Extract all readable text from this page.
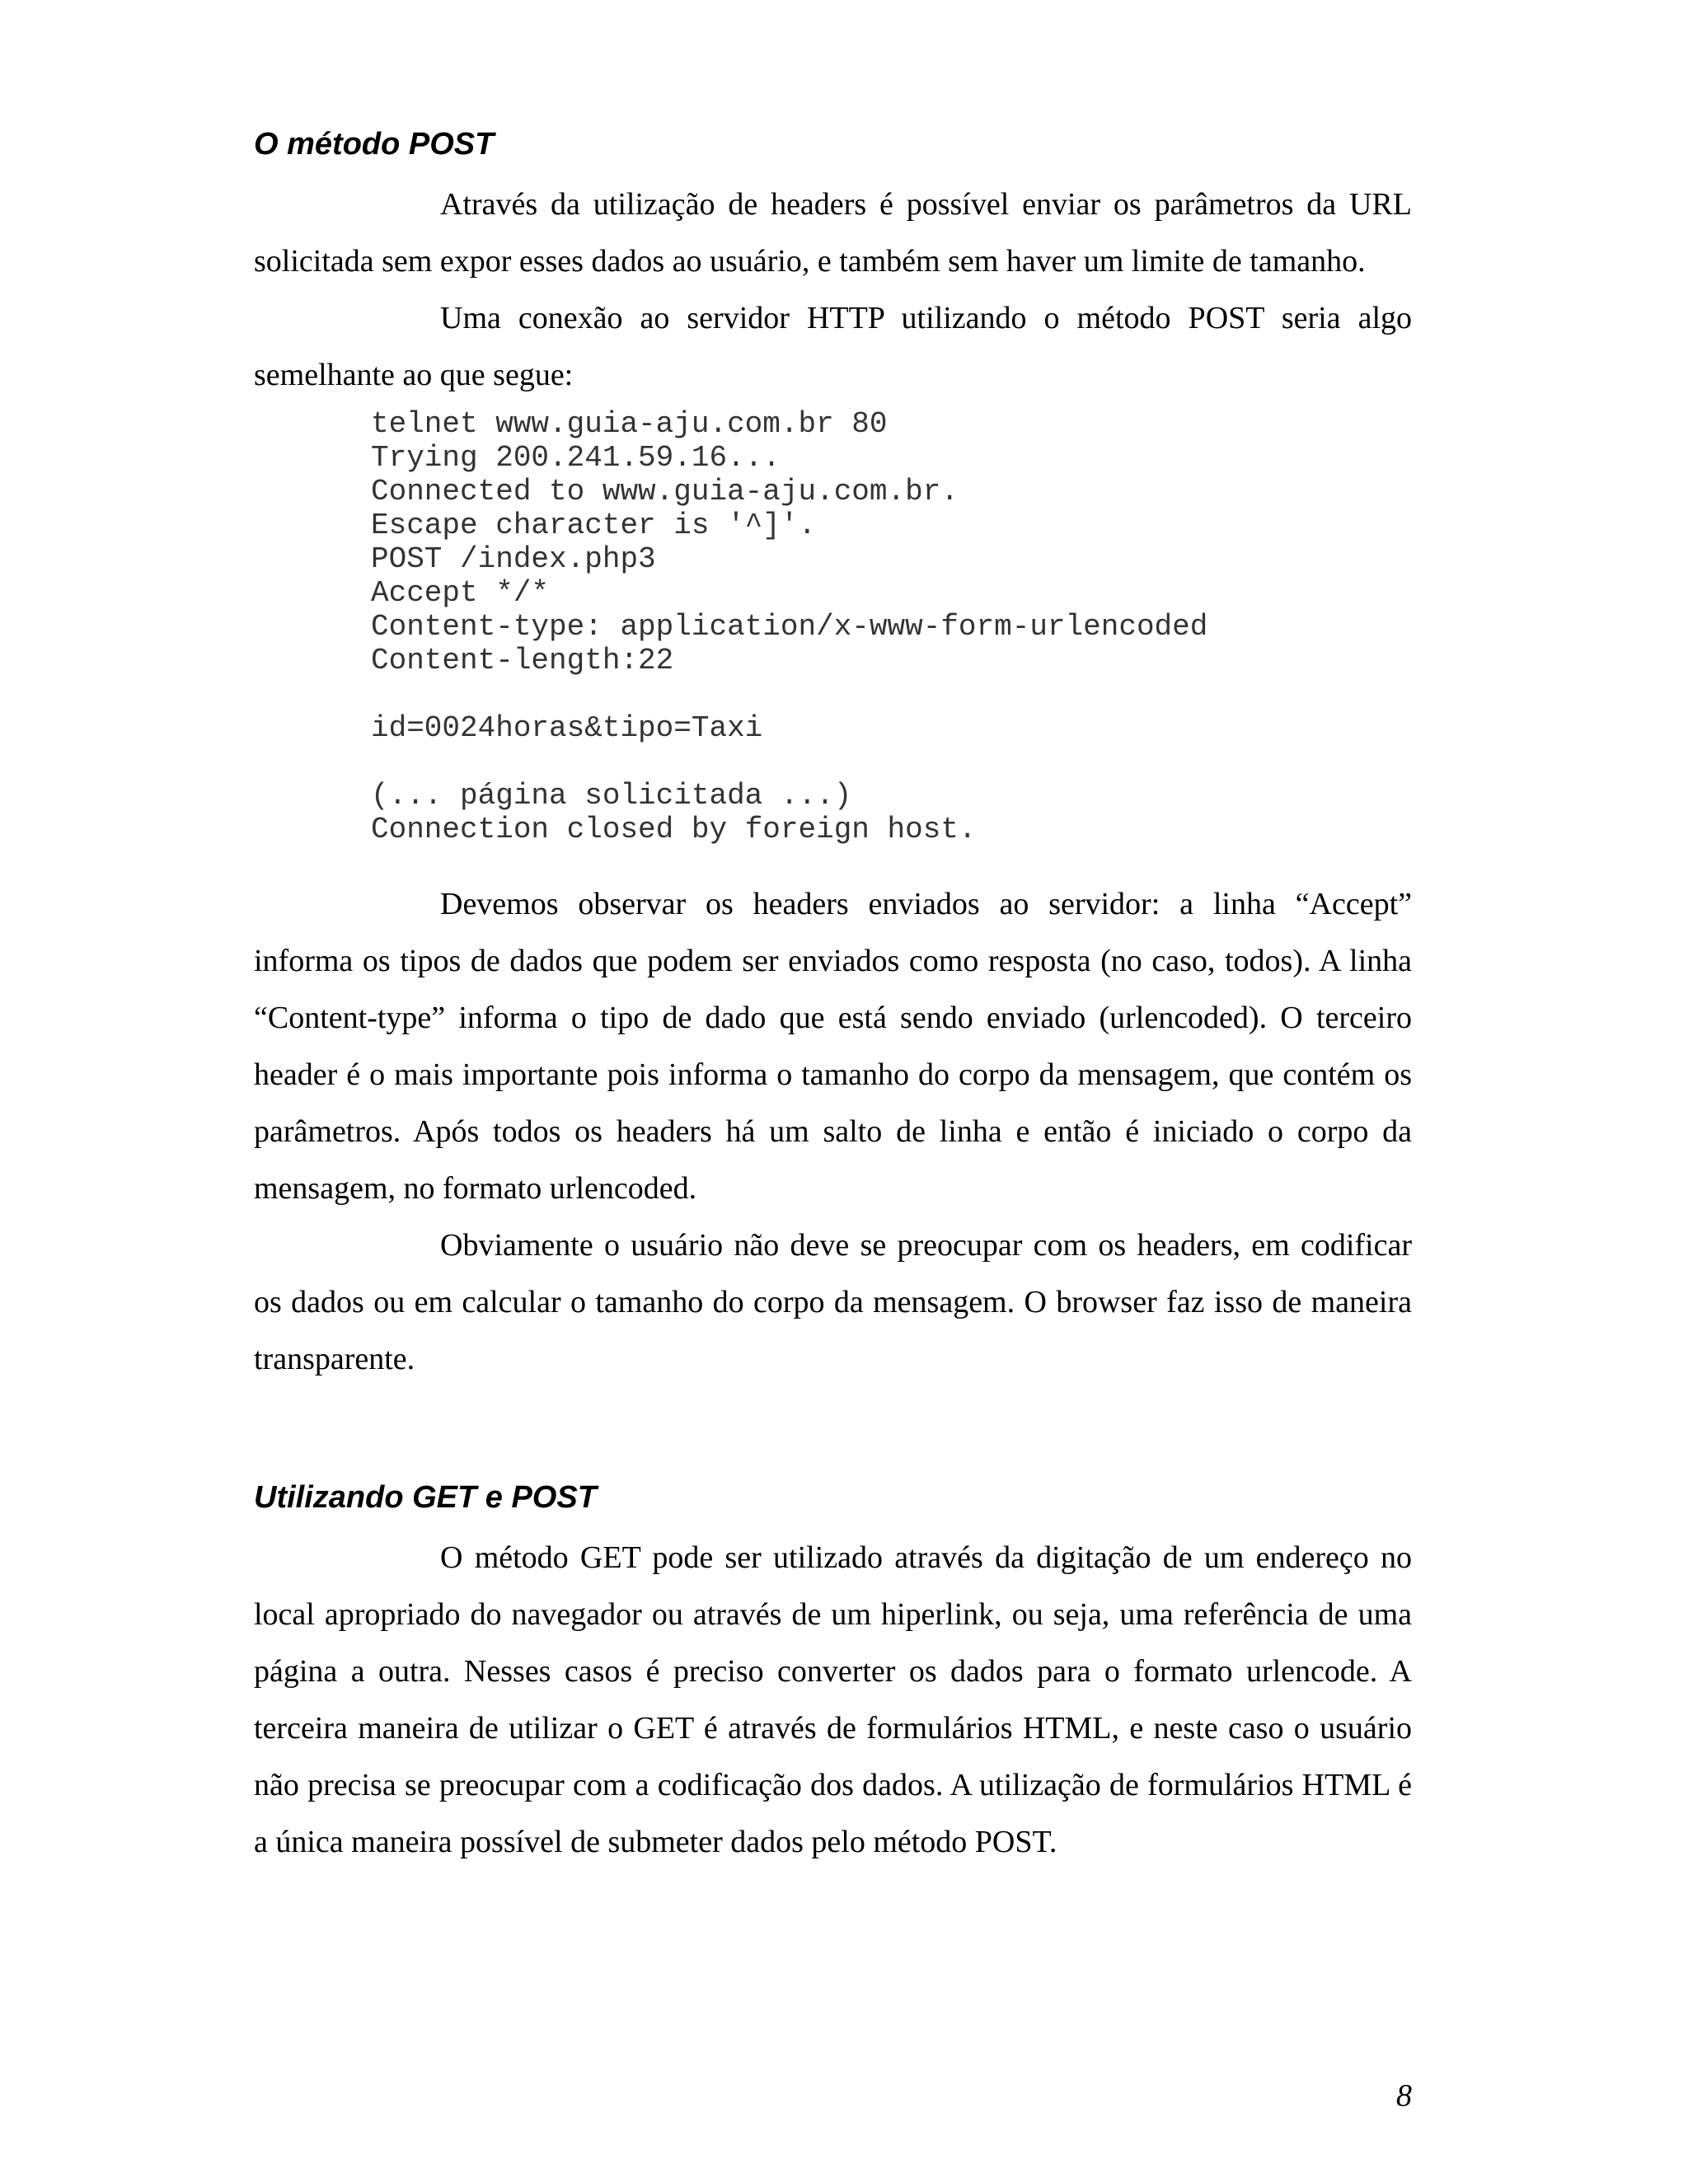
O método POST

Através da utilização de headers é possível enviar os parâmetros da URL solicitada sem expor esses dados ao usuário, e também sem haver um limite de tamanho.

Uma conexão ao servidor HTTP utilizando o método POST seria algo semelhante ao que segue:

telnet www.guia-aju.com.br 80
Trying 200.241.59.16...
Connected to www.guia-aju.com.br.
Escape character is '^]'.
POST /index.php3
Accept */*
Content-type: application/x-www-form-urlencoded
Content-length:22
id=0024horas&tipo=Taxi
(... página solicitada ...)
Connection closed by foreign host.

Devemos observar os headers enviados ao servidor: a linha “Accept” informa os tipos de dados que podem ser enviados como resposta (no caso, todos). A linha “Content-type” informa o tipo de dado que está sendo enviado (urlencoded). O terceiro header é o mais importante pois informa o tamanho do corpo da mensagem, que contém os parâmetros. Após todos os headers há um salto de linha e então é iniciado o corpo da mensagem, no formato urlencoded.

Obviamente o usuário não deve se preocupar com os headers, em codificar os dados ou em calcular o tamanho do corpo da mensagem. O browser faz isso de maneira transparente.

Utilizando GET e POST

O método GET pode ser utilizado através da digitação de um endereço no local apropriado do navegador ou através de um hiperlink, ou seja, uma referência de uma página a outra. Nesses casos é preciso converter os dados para o formato urlencode. A terceira maneira de utilizar o GET é através de formulários HTML, e neste caso o usuário não precisa se preocupar com a codificação dos dados. A utilização de formulários HTML é a única maneira possível de submeter dados pelo método POST.

8
